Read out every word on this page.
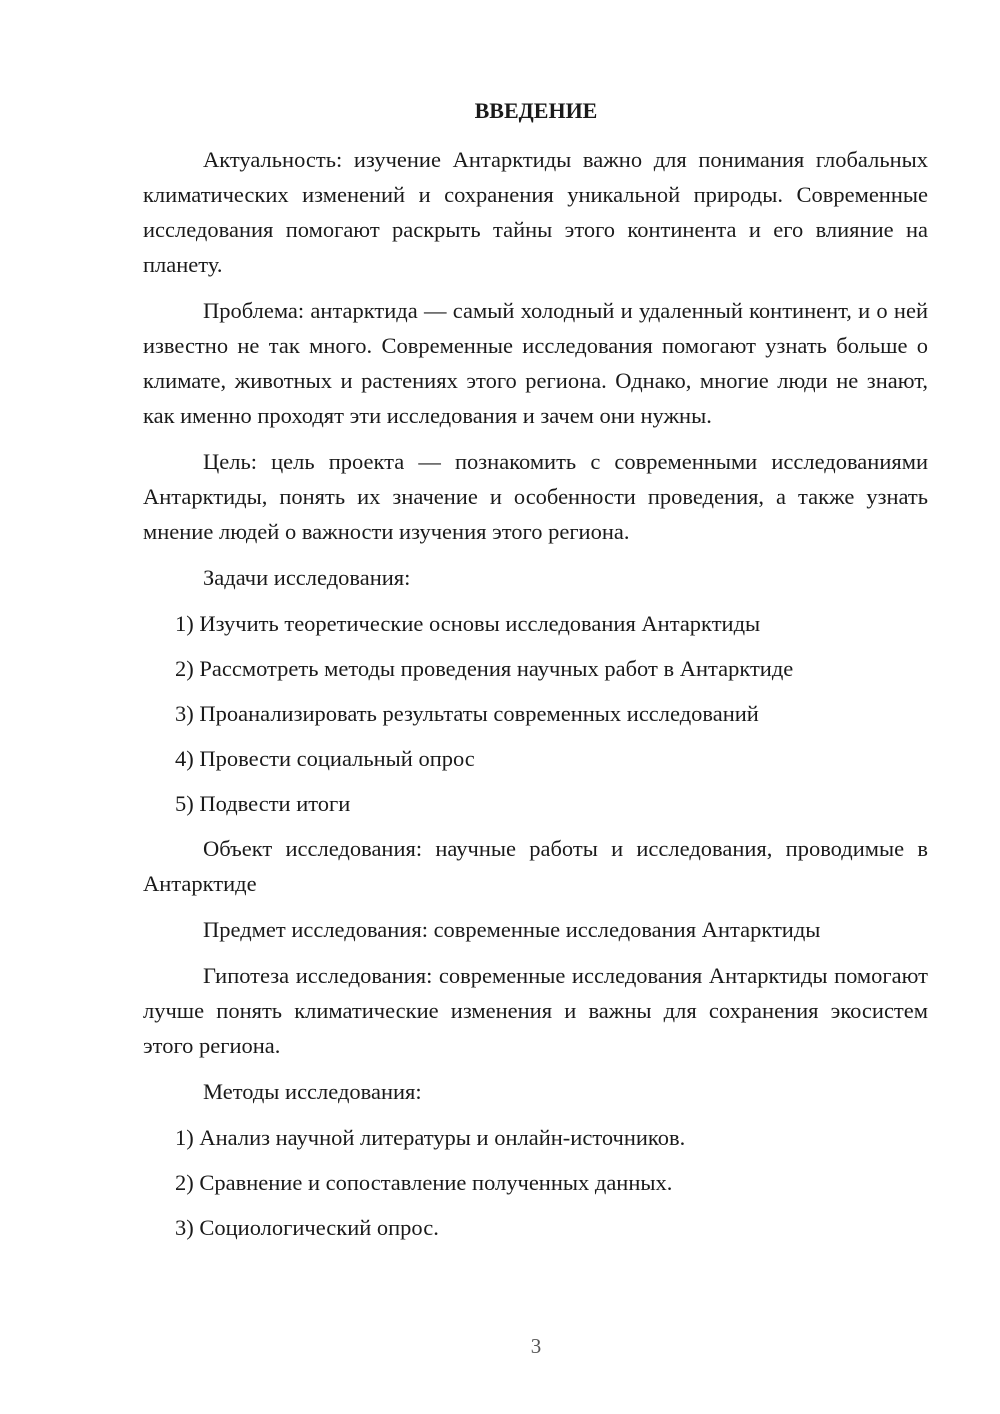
ВВЕДЕНИЕ

Актуальность: изучение Антарктиды важно для понимания глобальных климатических изменений и сохранения уникальной природы. Современные исследования помогают раскрыть тайны этого континента и его влияние на планету.

Проблема: антарктида — самый холодный и удаленный континент, и о ней известно не так много. Современные исследования помогают узнать больше о климате, животных и растениях этого региона. Однако, многие люди не знают, как именно проходят эти исследования и зачем они нужны.

Цель: цель проекта — познакомить с современными исследованиями Антарктиды, понять их значение и особенности проведения, а также узнать мнение людей о важности изучения этого региона.

Задачи исследования:

1) Изучить теоретические основы исследования Антарктиды
2) Рассмотреть методы проведения научных работ в Антарктиде
3) Проанализировать результаты современных исследований
4) Провести социальный опрос
5) Подвести итоги

Объект исследования: научные работы и исследования, проводимые в Антарктиде

Предмет исследования: современные исследования Антарктиды

Гипотеза исследования: современные исследования Антарктиды помогают лучше понять климатические изменения и важны для сохранения экосистем этого региона.

Методы исследования:

1) Анализ научной литературы и онлайн-источников.
2) Сравнение и сопоставление полученных данных.
3) Социологический опрос.
3
